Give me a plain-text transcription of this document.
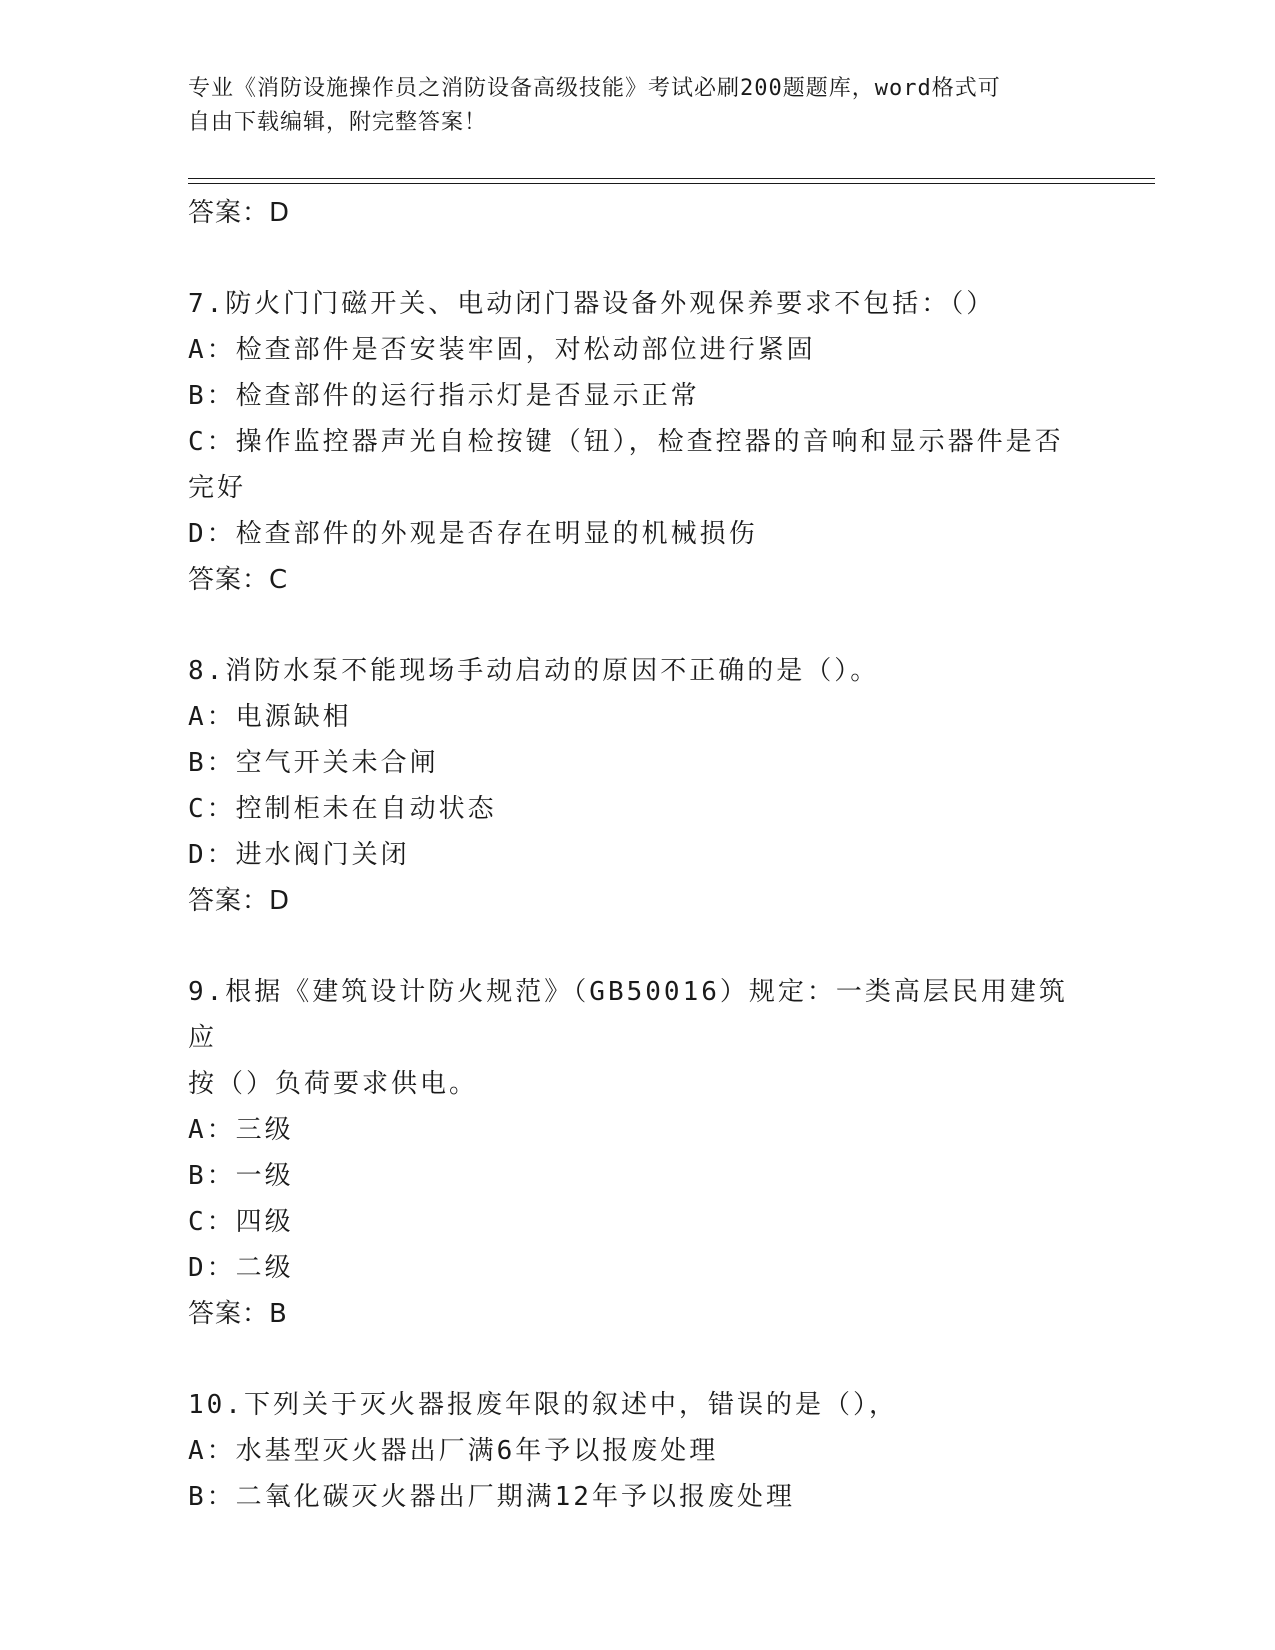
专业《消防设施操作员之消防设备高级技能》考试必刷200题题库，word格式可
自由下载编辑，附完整答案！
答案：D
7.防火门门磁开关、电动闭门器设备外观保养要求不包括：（）
A：检查部件是否安装牢固，对松动部位进行紧固
B：检查部件的运行指示灯是否显示正常
C：操作监控器声光自检按键（钮），检查控器的音响和显示器件是否
完好
D：检查部件的外观是否存在明显的机械损伤
答案：C
8.消防水泵不能现场手动启动的原因不正确的是（）。
A：电源缺相
B：空气开关未合闸
C：控制柜未在自动状态
D：进水阀门关闭
答案：D
9.根据《建筑设计防火规范》（GB50016）规定：一类高层民用建筑应
按（）负荷要求供电。
A：三级
B：一级
C：四级
D：二级
答案：B
10.下列关于灭火器报废年限的叙述中，错误的是（），
A：水基型灭火器出厂满6年予以报废处理
B：二氧化碳灭火器出厂期满12年予以报废处理
